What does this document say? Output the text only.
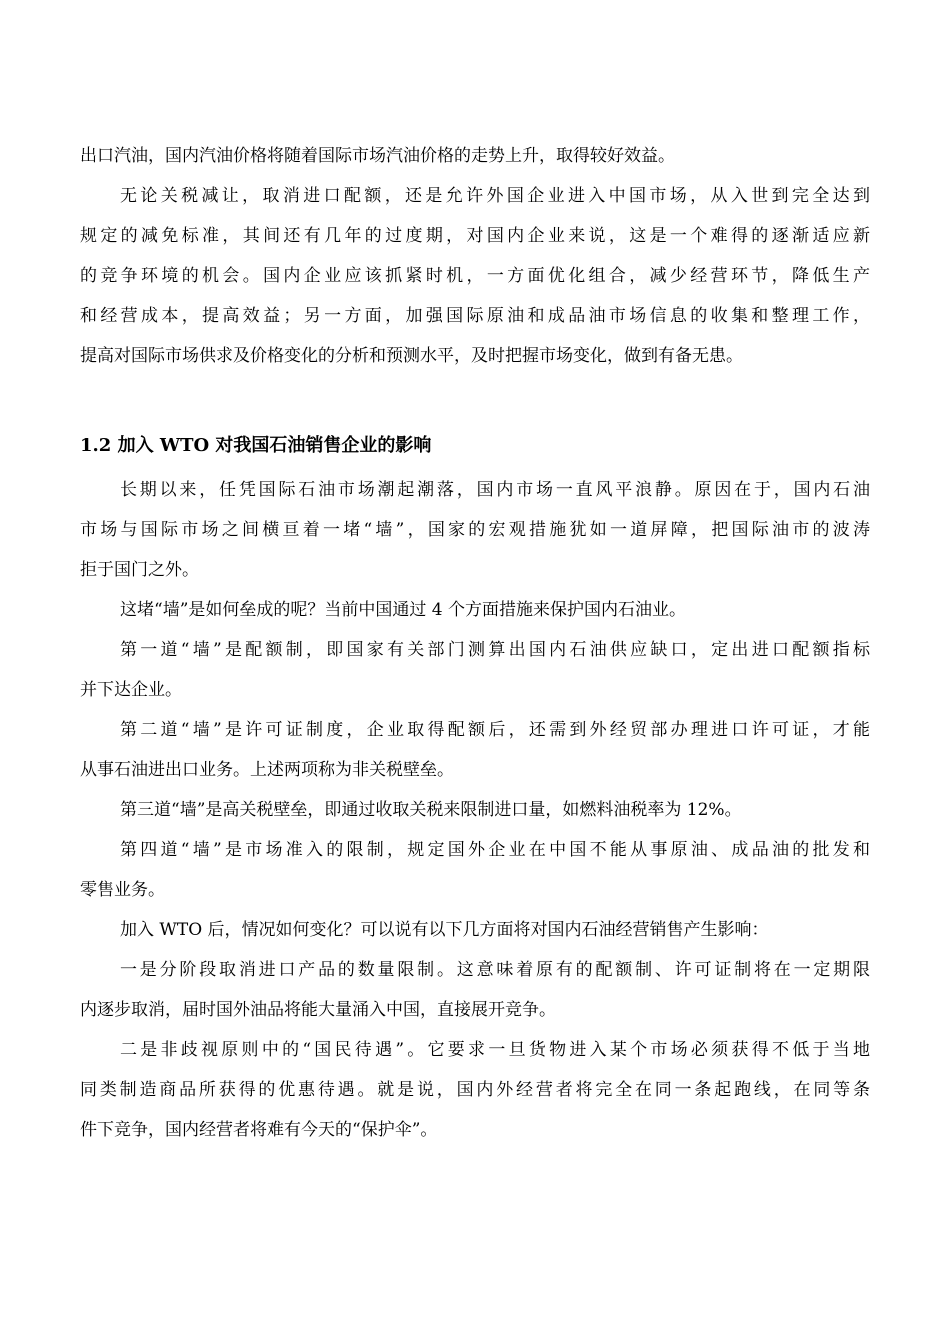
出口汽油，国内汽油价格将随着国际市场汽油价格的走势上升，取得较好效益。
无论关税减让，取消进口配额，还是允许外国企业进入中国市场，从入世到完全达到
规定的减免标准，其间还有几年的过度期，对国内企业来说，这是一个难得的逐渐适应新
的竞争环境的机会。国内企业应该抓紧时机，一方面优化组合，减少经营环节，降低生产
和经营成本，提高效益；另一方面，加强国际原油和成品油市场信息的收集和整理工作，
提高对国际市场供求及价格变化的分析和预测水平，及时把握市场变化，做到有备无患。
1.2 加入 WTO 对我国石油销售企业的影响
长期以来，任凭国际石油市场潮起潮落，国内市场一直风平浪静。原因在于，国内石油
市场与国际市场之间横亘着一堵“墙”，国家的宏观措施犹如一道屏障，把国际油市的波涛
拒于国门之外。
这堵“墙”是如何垒成的呢？当前中国通过 4 个方面措施来保护国内石油业。
第一道“墙”是配额制，即国家有关部门测算出国内石油供应缺口，定出进口配额指标
并下达企业。
第二道“墙”是许可证制度，企业取得配额后，还需到外经贸部办理进口许可证，才能
从事石油进出口业务。上述两项称为非关税壁垒。
第三道“墙”是高关税壁垒，即通过收取关税来限制进口量，如燃料油税率为 12%。
第四道“墙”是市场准入的限制，规定国外企业在中国不能从事原油、成品油的批发和
零售业务。
加入 WTO 后，情况如何变化？可以说有以下几方面将对国内石油经营销售产生影响：
一是分阶段取消进口产品的数量限制。这意味着原有的配额制、许可证制将在一定期限
内逐步取消，届时国外油品将能大量涌入中国，直接展开竞争。
二是非歧视原则中的“国民待遇”。它要求一旦货物进入某个市场必须获得不低于当地
同类制造商品所获得的优惠待遇。就是说，国内外经营者将完全在同一条起跑线，在同等条
件下竞争，国内经营者将难有今天的“保护伞”。
